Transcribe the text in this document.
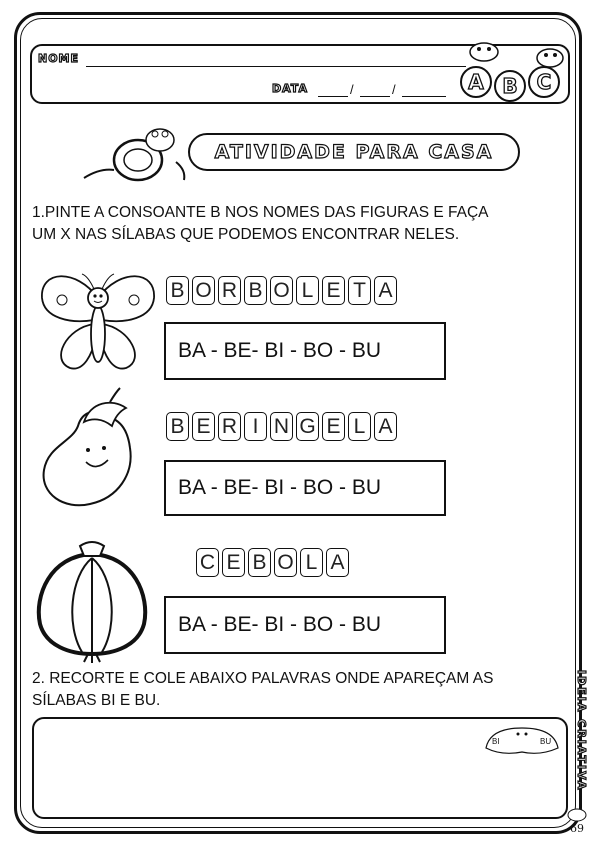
NOME
DATA	/	/	A B C
ATIVIDADE PARA CASA
1.PINTE A CONSOANTE B NOS NOMES DAS FIGURAS E FAÇA
UM X NAS SÍLABAS QUE PODEMOS ENCONTRAR NELES.
B O R B O L E T A
BA - BE- BI - BO - BU
B E R I N G E L A
BA - BE- BI - BO - BU
C E B O L A
BA - BE- BI - BO - BU
2. RECORTE E COLE ABAIXO PALAVRAS ONDE APAREÇAM AS
SÍLABAS BI E BU.
BI	BU IDEIA CRIATIVA
69
